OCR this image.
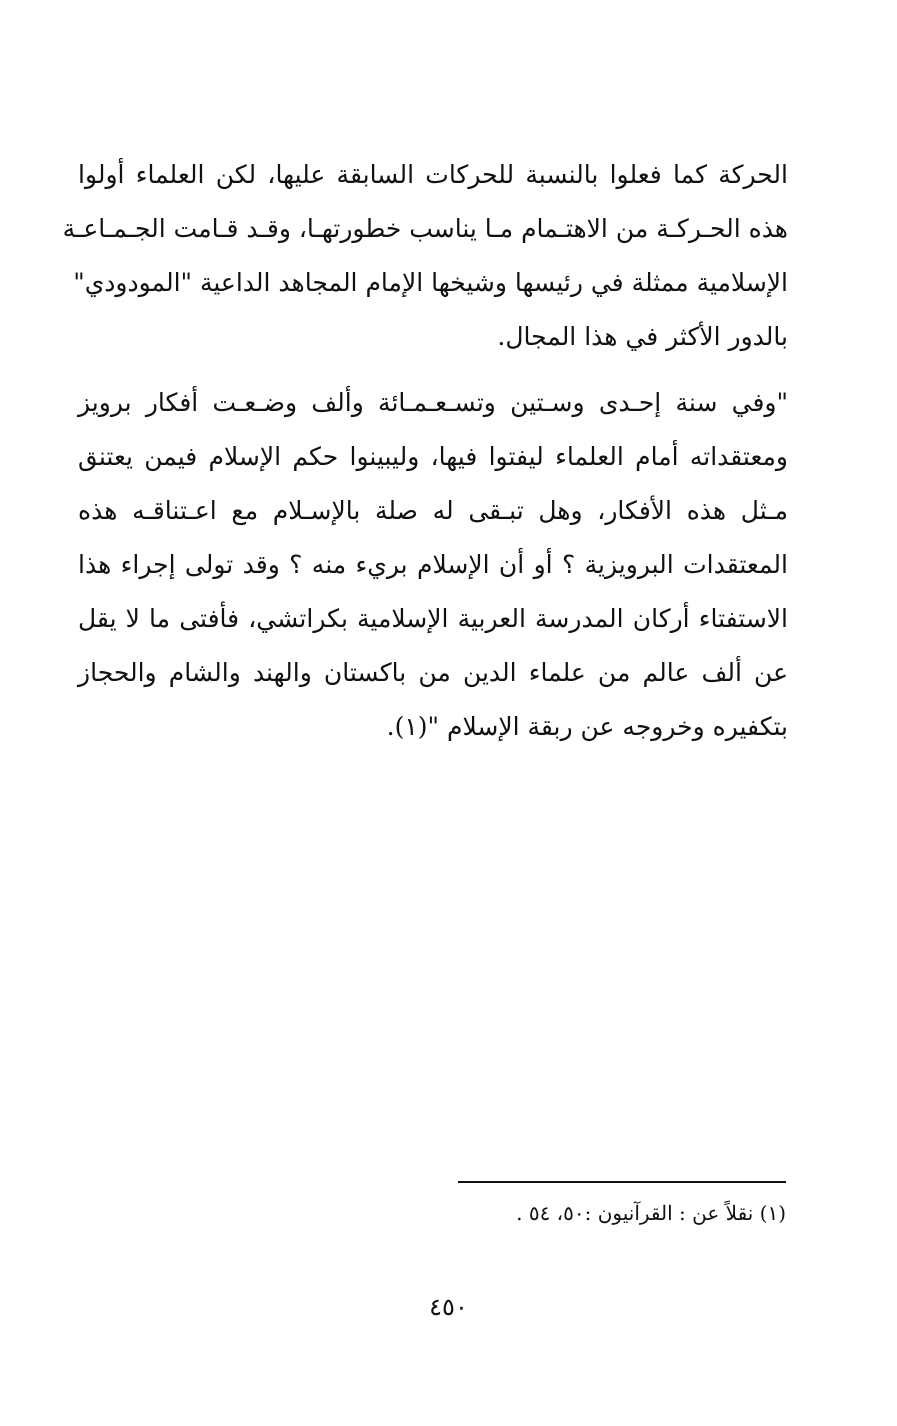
الحركة كما فعلوا بالنسبة للحركات السابقة عليها، لكن العلماء أولوا
هذه الحـركـة من الاهتـمام مـا يناسب خطورتهـا، وقـد قـامت الجـمـاعـة
الإسلامية ممثلة في رئيسها وشيخها الإمام المجاهد الداعية "المودودي"
بالدور الأكثر في هذا المجال.
"وفي سنة إحـدى وسـتين وتسـعـمـائة وألف وضـعـت أفكار برويز
ومعتقداته أمام العلماء ليفتوا فيها، وليبينوا حكم الإسلام فيمن يعتنق
مـثل هذه الأفكار، وهل تبـقى له صلة بالإسـلام مع اعـتناقـه هذه
المعتقدات البرويزية ؟ أو أن الإسلام بريء منه ؟ وقد تولى إجراء هذا
الاستفتاء أركان المدرسة العربية الإسلامية بكراتشي، فأفتى ما لا يقل
عن ألف عالم من علماء الدين من باكستان والهند والشام والحجاز
بتكفيره وخروجه عن ربقة الإسلام "(١).
(١) نقلاً عن : القرآنيون :٥٠، ٥٤ .
٤٥٠
